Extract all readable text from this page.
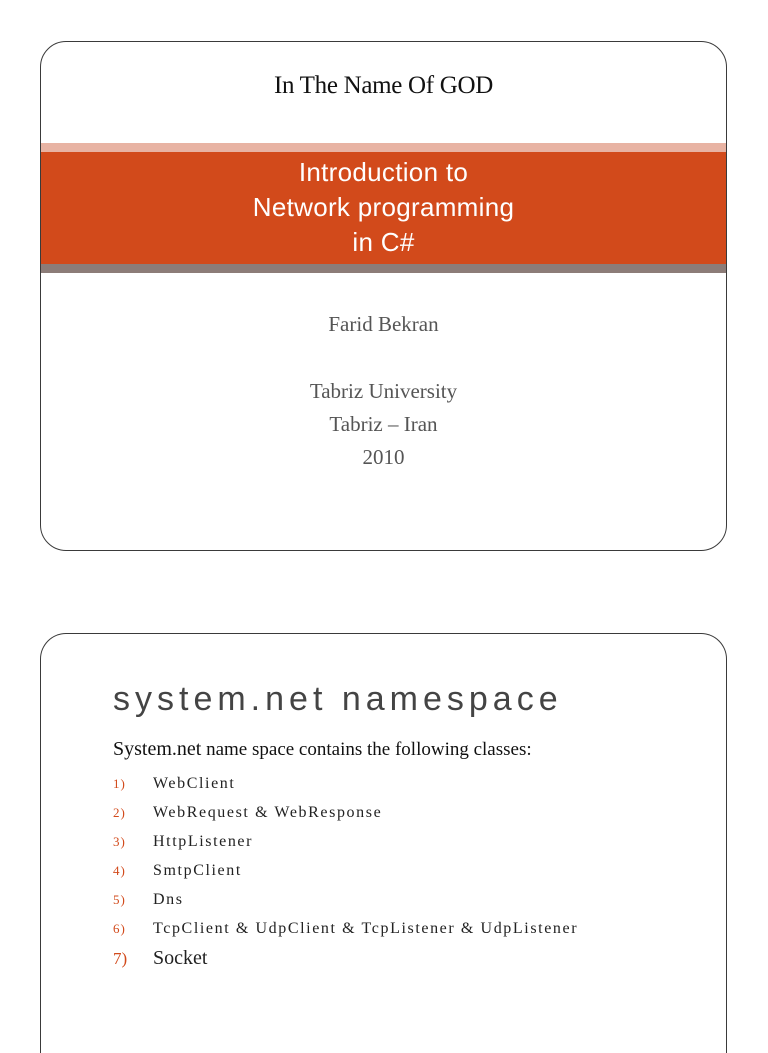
In The Name Of GOD
Introduction to
Network programming
in C#
Farid Bekran
Tabriz University
Tabriz – Iran
2010
system.net namespace
System.net name space contains the following classes:
1) WebClient
2) WebRequest & WebResponse
3) HttpListener
4) SmtpClient
5) Dns
6) TcpClient & UdpClient & TcpListener & UdpListener
7) Socket
